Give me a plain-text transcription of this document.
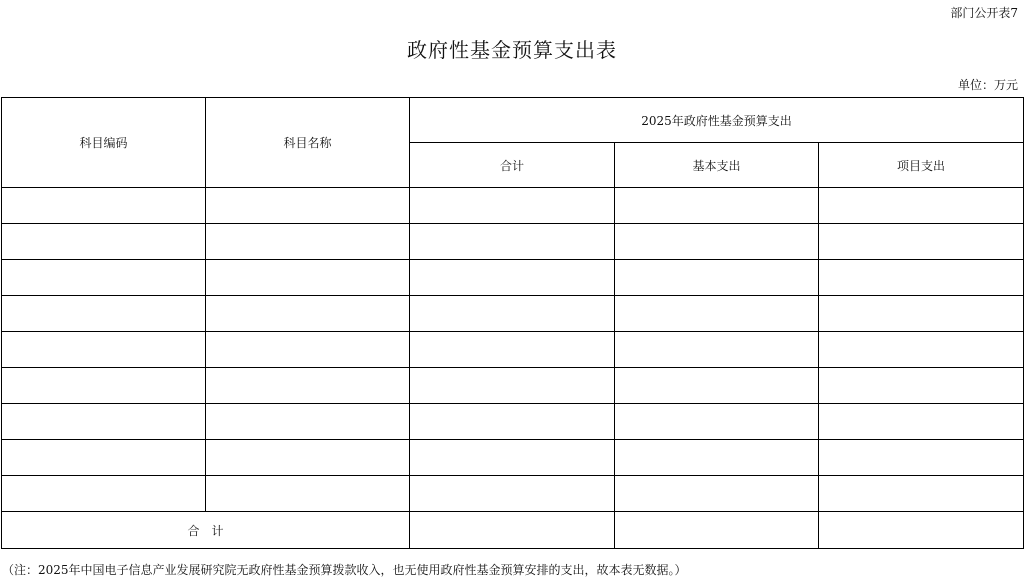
部门公开表7
政府性基金预算支出表
单位：万元
科目编码	科目名称	2025年政府性基金预算支出		
		合计	基本支出	项目支出

合　计				
（注：2025年中国电子信息产业发展研究院无政府性基金预算拨款收入，也无使用政府性基金预算安排的支出，故本表无数据。）
